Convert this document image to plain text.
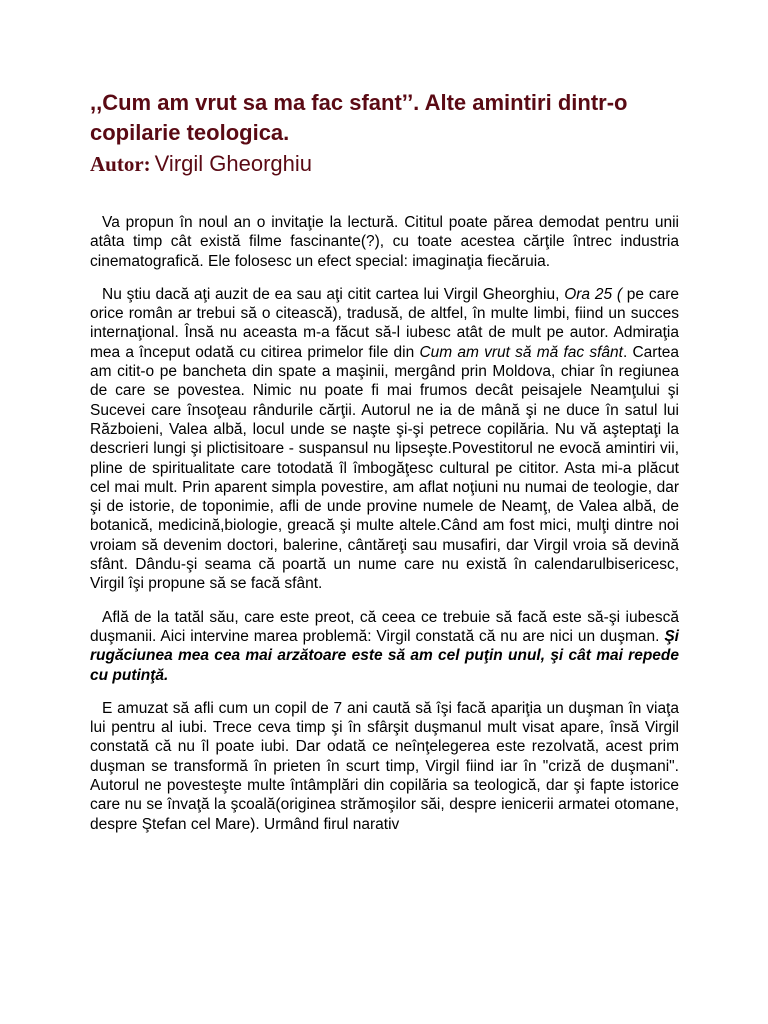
,,Cum am vrut sa ma fac sfant’’. Alte amintiri dintr-o copilarie teologica.

Autor: Virgil Gheorghiu

Va propun în noul an o invitaţie la lectură. Cititul poate părea demodat pentru unii atâta timp cât există filme fascinante(?), cu toate acestea cărţile întrec industria cinematografică. Ele folosesc un efect special: imaginaţia fiecăruia.

Nu ştiu dacă aţi auzit de ea sau aţi citit cartea lui Virgil Gheorghiu, Ora 25 ( pe care orice român ar trebui să o citească), tradusă, de altfel, în multe limbi, fiind un succes internaţional. Însă nu aceasta m-a făcut să-l iubesc atât de mult pe autor. Admiraţia mea a început odată cu citirea primelor file din Cum am vrut să mă fac sfânt. Cartea am citit-o pe bancheta din spate a maşinii, mergând prin Moldova, chiar în regiunea de care se povestea. Nimic nu poate fi mai frumos decât peisajele Neamţului şi Sucevei care însoţeau rândurile cărţii. Autorul ne ia de mână şi ne duce în satul lui Războieni, Valea albă, locul unde se naşte şi-şi petrece copilăria. Nu vă aşteptaţi la descrieri lungi şi plictisitoare - suspansul nu lipseşte.Povestitorul ne evocă amintiri vii, pline de spiritualitate care totodată îl îmbogăţesc cultural pe cititor. Asta mi-a plăcut cel mai mult. Prin aparent simpla povestire, am aflat noţiuni nu numai de teologie, dar şi de istorie, de toponimie, afli de unde provine numele de Neamţ, de Valea albă, de botanică, medicină,biologie, greacă şi multe altele.Când am fost mici, mulţi dintre noi vroiam să devenim doctori, balerine, cântăreţi sau musafiri, dar Virgil vroia să devină sfânt. Dându-şi seama că poartă un nume care nu există în calendarulbisericesc, Virgil îşi propune să se facă sfânt.

Află de la tatăl său, care este preot, că ceea ce trebuie să facă este să-şi iubescă duşmanii. Aici intervine marea problemă: Virgil constată că nu are nici un duşman. Şi rugăciunea mea cea mai arzătoare este să am cel puţin unul, şi cât mai repede cu putinţă.

E amuzat să afli cum un copil de 7 ani caută să îşi facă apariţia un duşman în viaţa lui pentru al iubi. Trece ceva timp şi în sfârşit duşmanul mult visat apare, însă Virgil constată că nu îl poate iubi. Dar odată ce neînţelegerea este rezolvată, acest prim duşman se transformă în prieten în scurt timp, Virgil fiind iar în "criză de duşmani". Autorul ne povesteşte multe întâmplări din copilăria sa teologică, dar şi fapte istorice care nu se învaţă la şcoală(originea strămoşilor săi, despre ienicerii armatei otomane, despre Ştefan cel Mare). Urmând firul narativ
